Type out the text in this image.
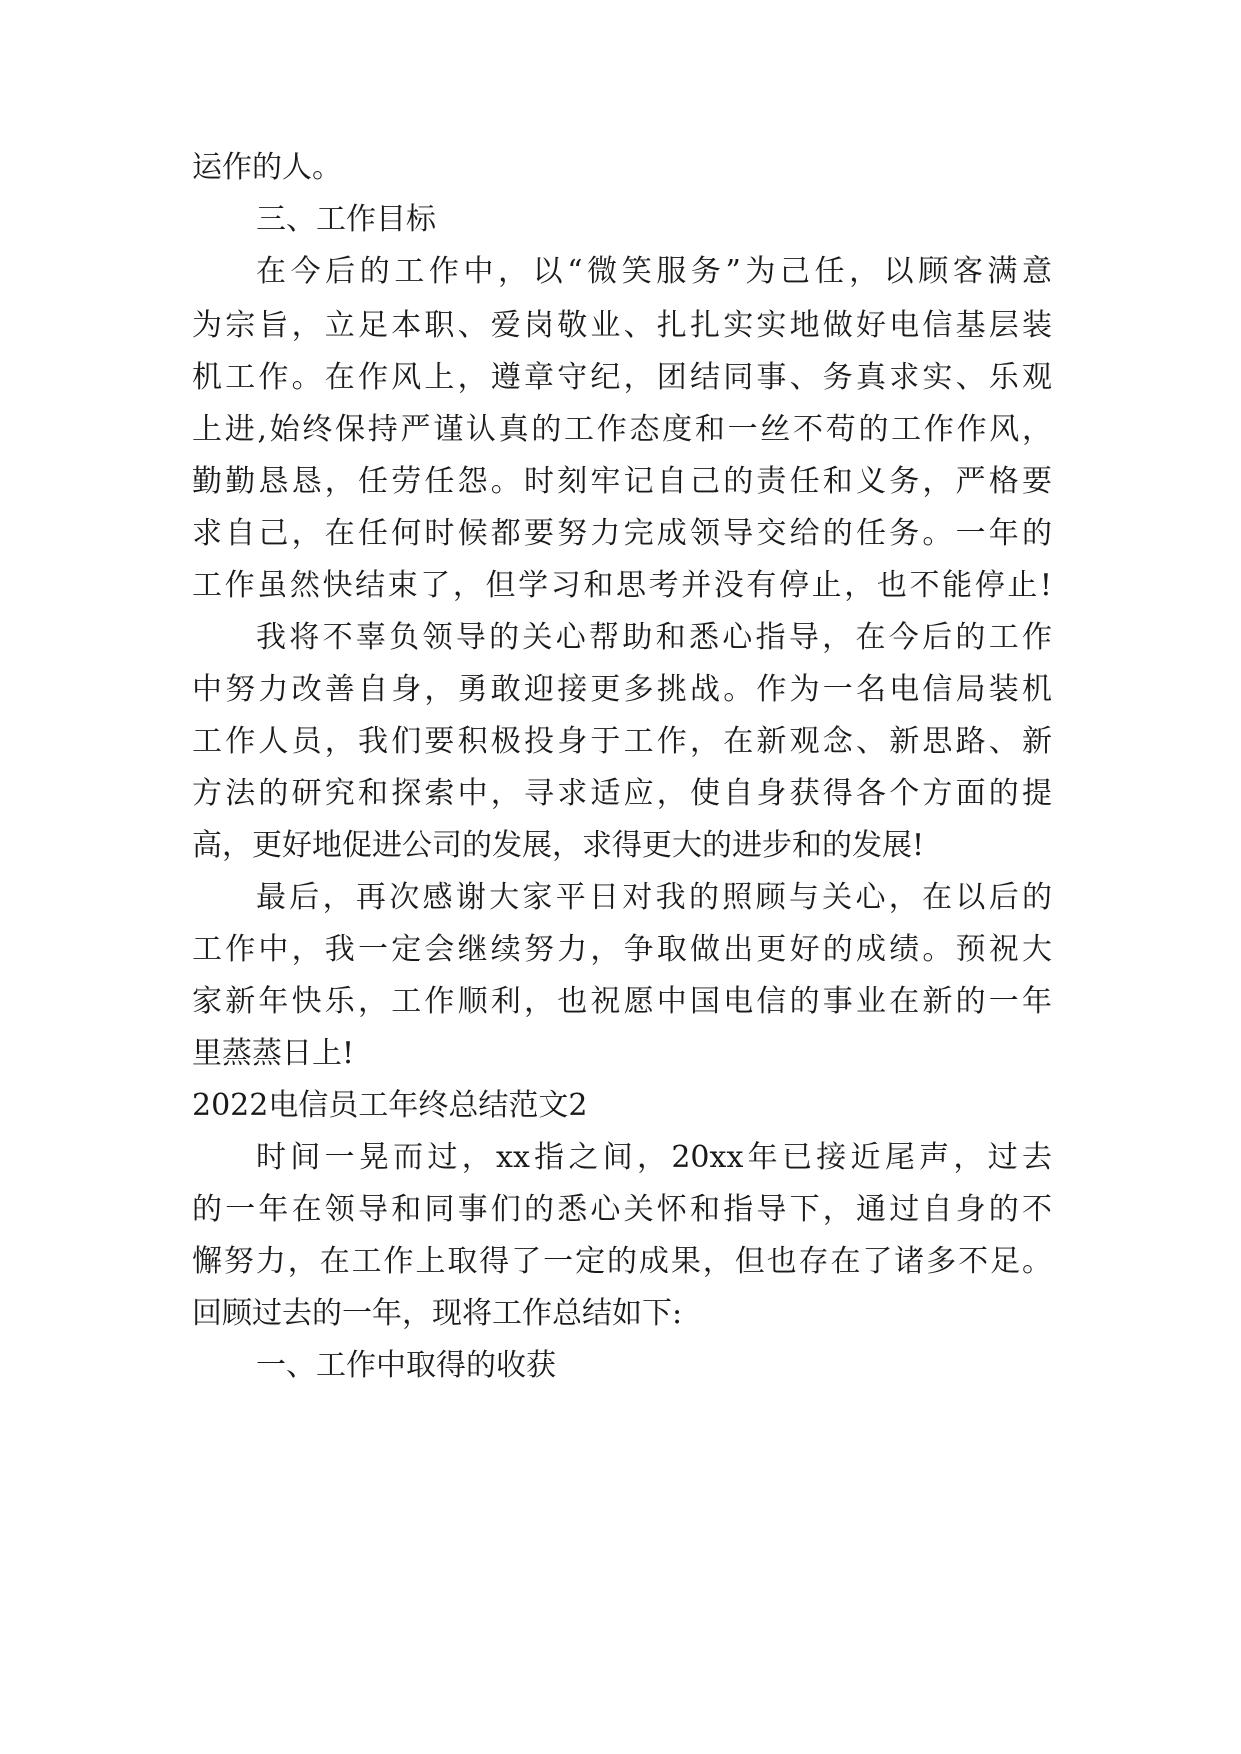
运作的人。

三、工作目标

在今后的工作中，以“微笑服务”为己任，以顾客满意

为宗旨，立足本职、爱岗敬业、扎扎实实地做好电信基层装

机工作。在作风上，遵章守纪，团结同事、务真求实、乐观

上进,始终保持严谨认真的工作态度和一丝不苟的工作作风，

勤勤恳恳，任劳任怨。时刻牢记自己的责任和义务，严格要

求自己，在任何时候都要努力完成领导交给的任务。一年的

工作虽然快结束了，但学习和思考并没有停止，也不能停止!

我将不辜负领导的关心帮助和悉心指导，在今后的工作

中努力改善自身，勇敢迎接更多挑战。作为一名电信局装机

工作人员，我们要积极投身于工作，在新观念、新思路、新

方法的研究和探索中，寻求适应，使自身获得各个方面的提

高，更好地促进公司的发展，求得更大的进步和的发展!

最后，再次感谢大家平日对我的照顾与关心，在以后的

工作中，我一定会继续努力，争取做出更好的成绩。预祝大

家新年快乐，工作顺利，也祝愿中国电信的事业在新的一年

里蒸蒸日上!

2022电信员工年终总结范文2

时间一晃而过，xx指之间，20xx年已接近尾声，过去

的一年在领导和同事们的悉心关怀和指导下，通过自身的不

懈努力，在工作上取得了一定的成果，但也存在了诸多不足。

回顾过去的一年，现将工作总结如下:

一、工作中取得的收获
